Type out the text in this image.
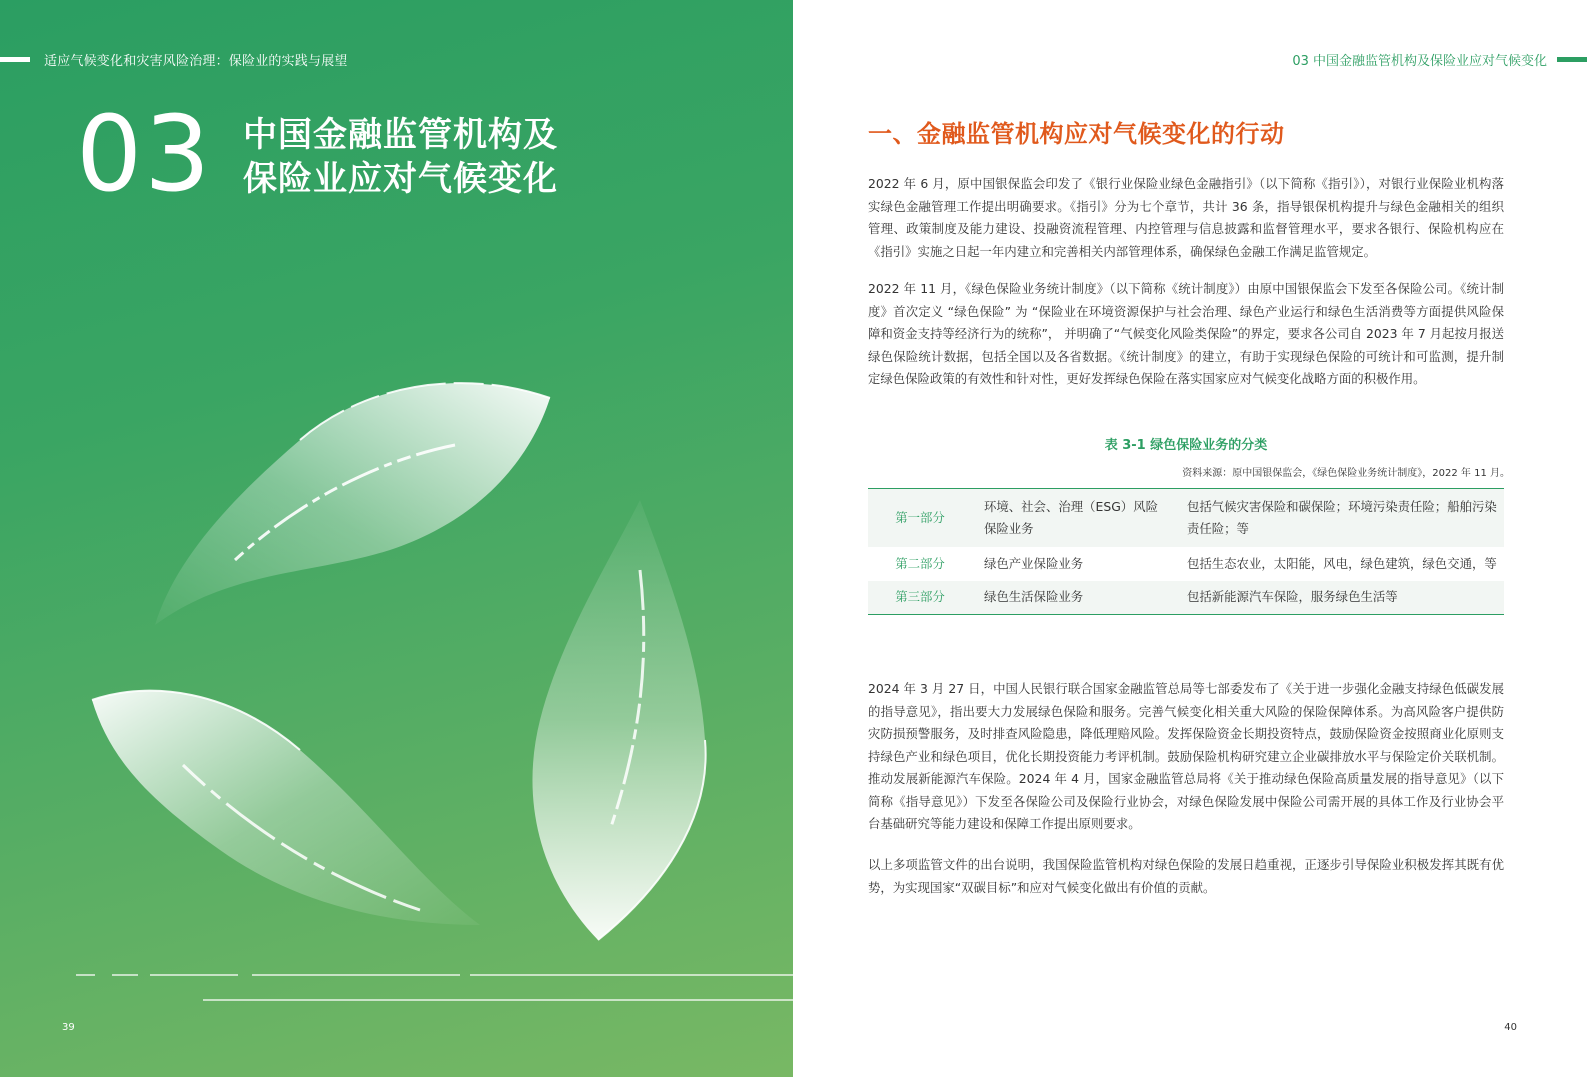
适应气候变化和灾害风险治理：保险业的实践与展望
03 中国金融监管机构及
保险业应对气候变化
39
03 中国金融监管机构及保险业应对气候变化
一、金融监管机构应对气候变化的行动

2022 年 6 月，原中国银保监会印发了《银行业保险业绿色金融指引》（以下简称《指引》），对银行业保险业机构落实绿色金融管理工作提出明确要求。《指引》分为七个章节，共计 36 条，指导银保机构提升与绿色金融相关的组织管理、政策制度及能力建设、投融资流程管理、内控管理与信息披露和监督管理水平，要求各银行、保险机构应在《指引》实施之日起一年内建立和完善相关内部管理体系，确保绿色金融工作满足监管规定。

2022 年 11 月，《绿色保险业务统计制度》（以下简称《统计制度》）由原中国银保监会下发至各保险公司。《统计制度》首次定义 “绿色保险” 为 “保险业在环境资源保护与社会治理、绿色产业运行和绿色生活消费等方面提供风险保障和资金支持等经济行为的统称”， 并明确了“气候变化风险类保险”的界定，要求各公司自 2023 年 7 月起按月报送绿色保险统计数据，包括全国以及各省数据。《统计制度》的建立，有助于实现绿色保险的可统计和可监测，提升制定绿色保险政策的有效性和针对性，更好发挥绿色保险在落实国家应对气候变化战略方面的积极作用。

表 3-1 绿色保险业务的分类
资料来源：原中国银保监会，《绿色保险业务统计制度》，2022 年 11 月。
第一部分	环境、社会、治理（ESG）风险保险业务	包括气候灾害保险和碳保险；环境污染责任险；船舶污染责任险；等
第二部分	绿色产业保险业务	包括生态农业，太阳能，风电，绿色建筑，绿色交通，等
第三部分	绿色生活保险业务	包括新能源汽车保险，服务绿色生活等

2024 年 3 月 27 日，中国人民银行联合国家金融监管总局等七部委发布了《关于进一步强化金融支持绿色低碳发展的指导意见》，指出要大力发展绿色保险和服务。完善气候变化相关重大风险的保险保障体系。为高风险客户提供防灾防损预警服务，及时排查风险隐患，降低理赔风险。发挥保险资金长期投资特点，鼓励保险资金按照商业化原则支持绿色产业和绿色项目，优化长期投资能力考评机制。鼓励保险机构研究建立企业碳排放水平与保险定价关联机制。推动发展新能源汽车保险。2024 年 4 月，国家金融监管总局将《关于推动绿色保险高质量发展的指导意见》（以下简称《指导意见》）下发至各保险公司及保险行业协会，对绿色保险发展中保险公司需开展的具体工作及行业协会平台基础研究等能力建设和保障工作提出原则要求。

以上多项监管文件的出台说明，我国保险监管机构对绿色保险的发展日趋重视，正逐步引导保险业积极发挥其既有优势，为实现国家“双碳目标”和应对气候变化做出有价值的贡献。

40
